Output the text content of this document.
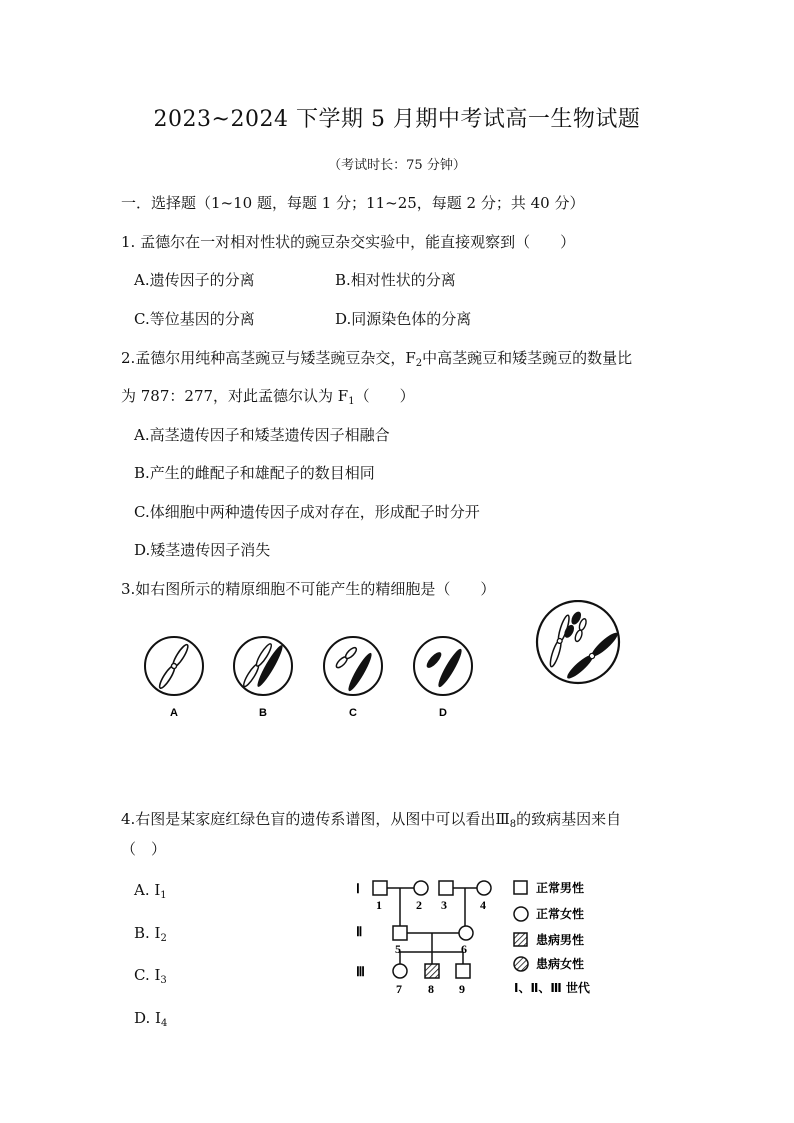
2023~2024 下学期 5 月期中考试高一生物试题
（考试时长：75 分钟）
一．选择题（1~10 题，每题 1 分；11~25，每题 2 分；共 40 分）
1. 孟德尔在一对相对性状的豌豆杂交实验中，能直接观察到（　　）
A.遗传因子的分离	B.相对性状的分离
C.等位基因的分离	D.同源染色体的分离
2.孟德尔用纯种高茎豌豆与矮茎豌豆杂交，$F_2$中高茎豌豆和矮茎豌豆的数量比
为 787：277，对此孟德尔认为 $F_1$（　　）
A.高茎遗传因子和矮茎遗传因子相融合
B.产生的雌配子和雄配子的数目相同
C.体细胞中两种遗传因子成对存在，形成配子时分开
D.矮茎遗传因子消失
3.如右图所示的精原细胞不可能产生的精细胞是（　　）
A	B	C	D
4.右图是某家庭红绿色盲的遗传系谱图，从图中可以看出$Ⅲ_8$的致病基因来自
（　）
A. $Ⅰ_1$
B. $Ⅰ_2$
C. $Ⅰ_3$
D. $Ⅰ_4$
Ⅰ
Ⅱ
Ⅲ
1	2 3	4
5	6
7 8 9
正常男性
正常女性
患病男性
患病女性
Ⅰ、Ⅱ、Ⅲ 世代
